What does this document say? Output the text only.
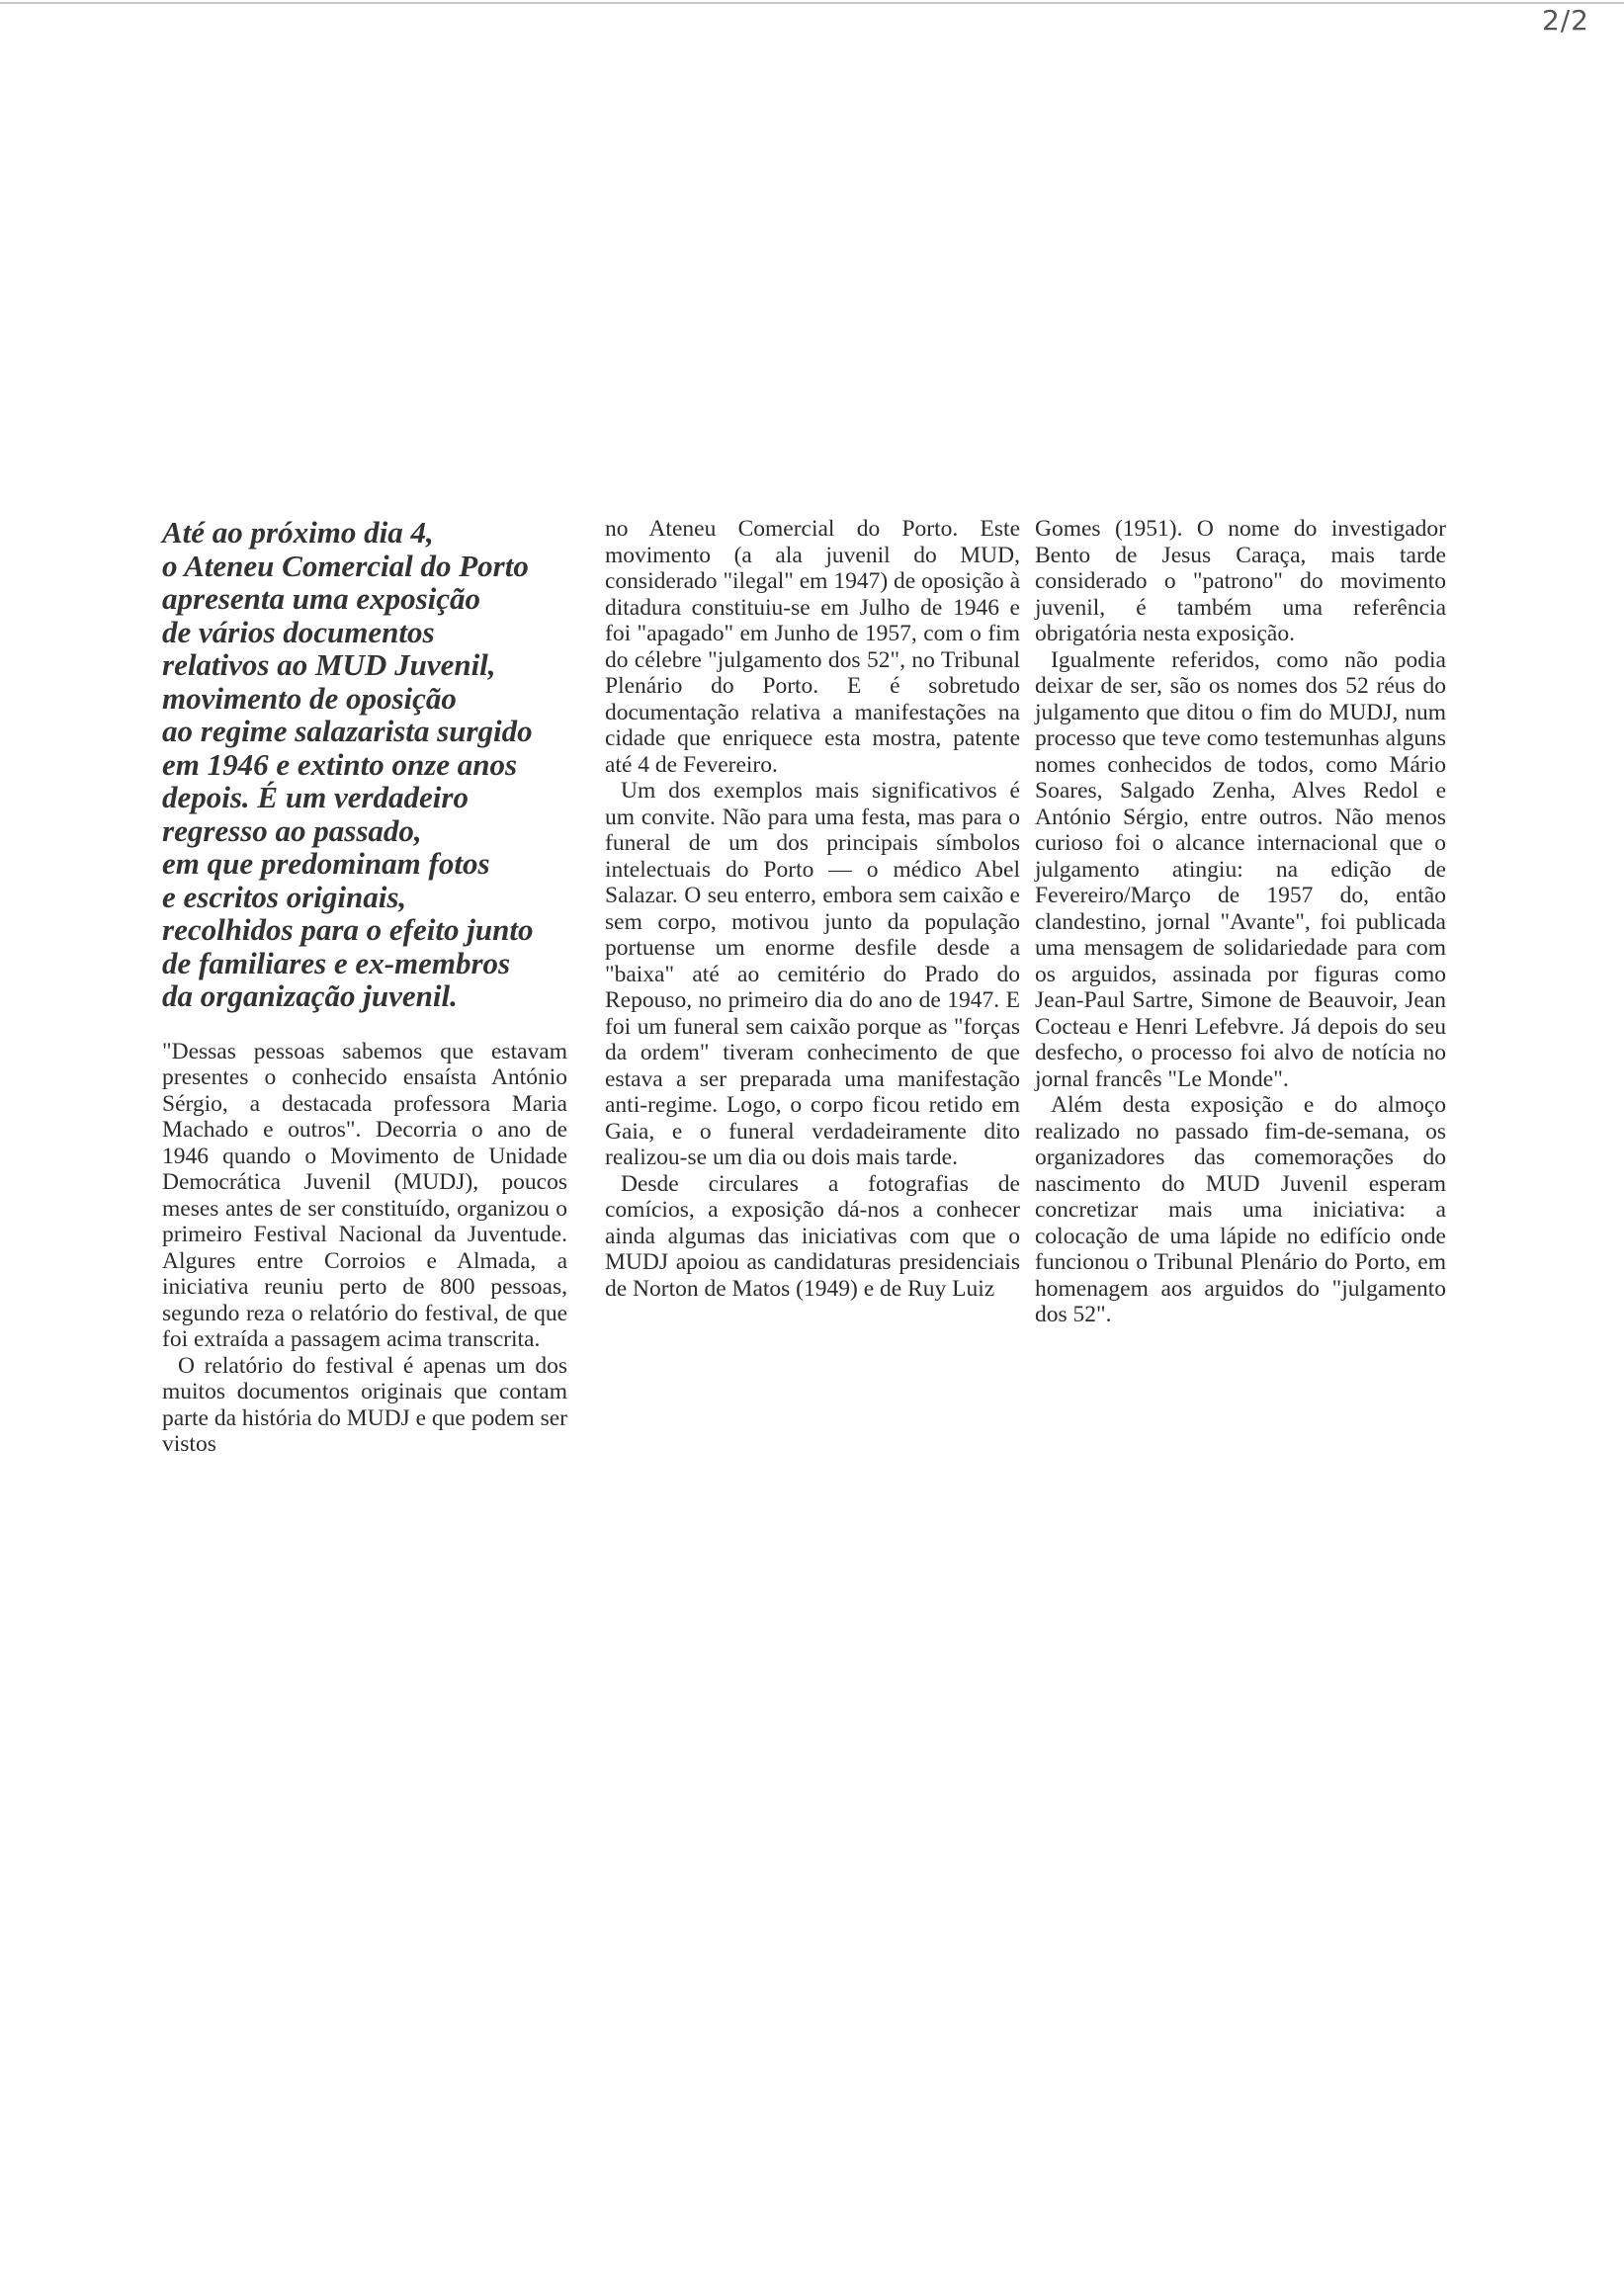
2/2
Até ao próximo dia 4,
o Ateneu Comercial do Porto
apresenta uma exposição
de vários documentos
relativos ao MUD Juvenil,
movimento de oposição
ao regime salazarista surgido
em 1946 e extinto onze anos
depois. É um verdadeiro
regresso ao passado,
em que predominam fotos
e escritos originais,
recolhidos para o efeito junto
de familiares e ex-membros
da organização juvenil.

"Dessas pessoas sabemos que estavam presentes o conhecido ensaísta António Sérgio, a destacada professora Maria Machado e outros". Decorria o ano de 1946 quando o Movimento de Unidade Democrática Juvenil (MUDJ), poucos meses antes de ser constituído, organizou o primeiro Festival Nacional da Juventude. Algures entre Corroios e Almada, a iniciativa reuniu perto de 800 pessoas, segundo reza o relatório do festival, de que foi extraída a passagem acima transcrita.

O relatório do festival é apenas um dos muitos documentos originais que contam parte da história do MUDJ e que podem ser vistos

no Ateneu Comercial do Porto. Este movimento (a ala juvenil do MUD, considerado "ilegal" em 1947) de oposição à ditadura constituiu-se em Julho de 1946 e foi "apagado" em Junho de 1957, com o fim do célebre "julgamento dos 52", no Tribunal Plenário do Porto. E é sobretudo documentação relativa a manifestações na cidade que enriquece esta mostra, patente até 4 de Fevereiro.

Um dos exemplos mais significativos é um convite. Não para uma festa, mas para o funeral de um dos principais símbolos intelectuais do Porto — o médico Abel Salazar. O seu enterro, embora sem caixão e sem corpo, motivou junto da população portuense um enorme desfile desde a "baixa" até ao cemitério do Prado do Repouso, no primeiro dia do ano de 1947. E foi um funeral sem caixão porque as "forças da ordem" tiveram conhecimento de que estava a ser preparada uma manifestação anti-regime. Logo, o corpo ficou retido em Gaia, e o funeral verdadeiramente dito realizou-se um dia ou dois mais tarde.

Desde circulares a fotografias de comícios, a exposição dá-nos a conhecer ainda algumas das iniciativas com que o MUDJ apoiou as candidaturas presidenciais de Norton de Matos (1949) e de Ruy Luiz

Gomes (1951). O nome do investigador Bento de Jesus Caraça, mais tarde considerado o "patrono" do movimento juvenil, é também uma referência obrigatória nesta exposição.

Igualmente referidos, como não podia deixar de ser, são os nomes dos 52 réus do julgamento que ditou o fim do MUDJ, num processo que teve como testemunhas alguns nomes conhecidos de todos, como Mário Soares, Salgado Zenha, Alves Redol e António Sérgio, entre outros. Não menos curioso foi o alcance internacional que o julgamento atingiu: na edição de Fevereiro/Março de 1957 do, então clandestino, jornal "Avante", foi publicada uma mensagem de solidariedade para com os arguidos, assinada por figuras como Jean-Paul Sartre, Simone de Beauvoir, Jean Cocteau e Henri Lefebvre. Já depois do seu desfecho, o processo foi alvo de notícia no jornal francês "Le Monde".

Além desta exposição e do almoço realizado no passado fim-de-semana, os organizadores das comemorações do nascimento do MUD Juvenil esperam concretizar mais uma iniciativa: a colocação de uma lápide no edifício onde funcionou o Tribunal Plenário do Porto, em homenagem aos arguidos do "julgamento dos 52".
